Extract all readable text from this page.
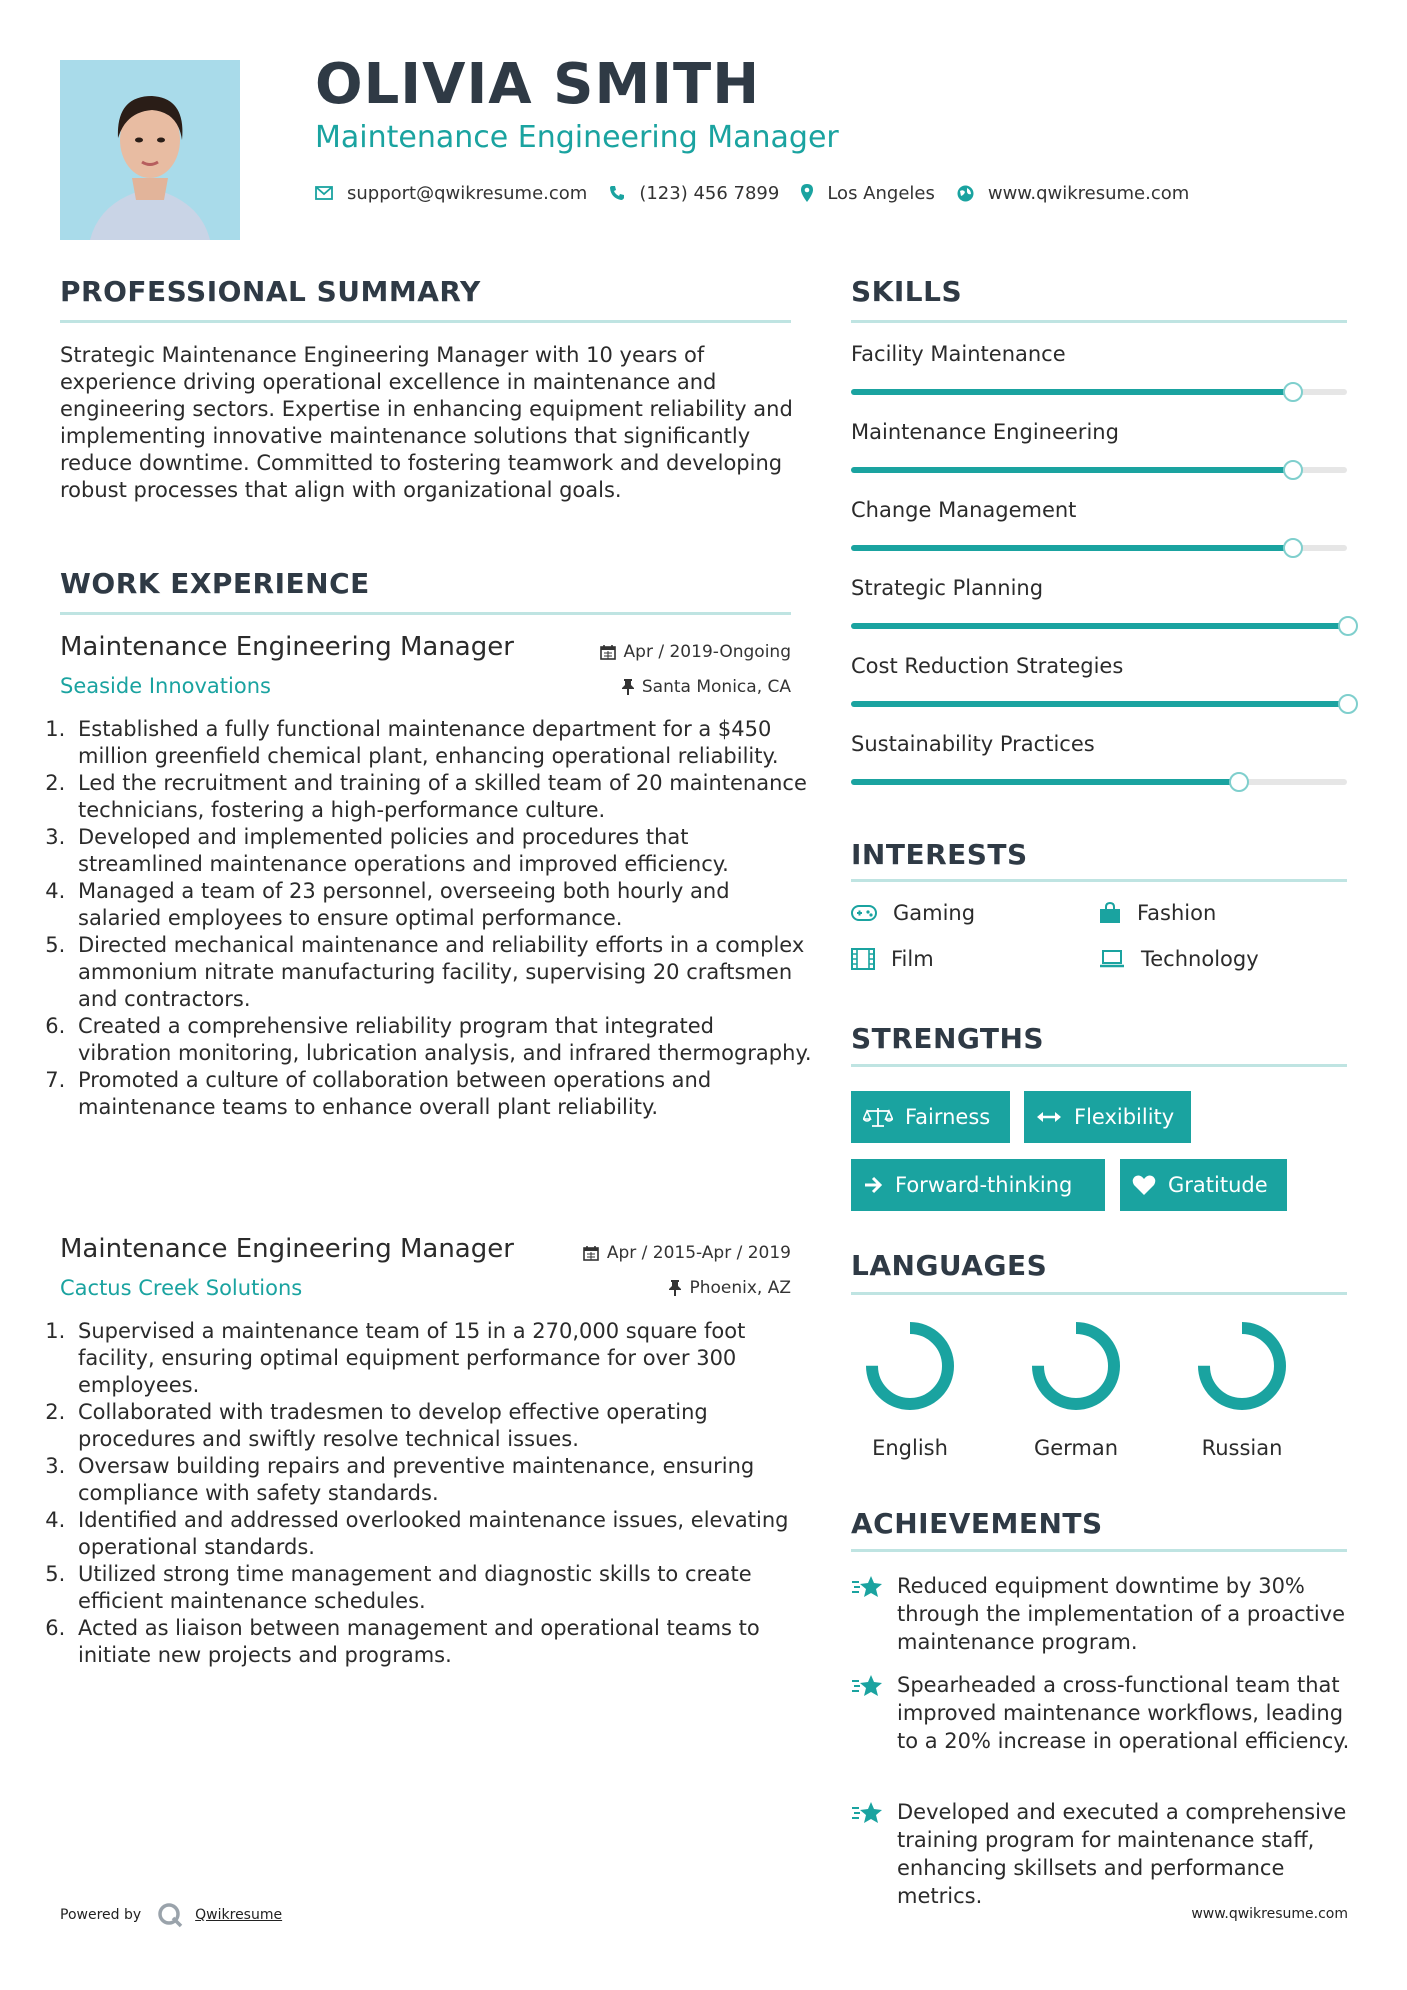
OLIVIA SMITH
Maintenance Engineering Manager
support@qwikresume.com	(123) 456 7899	Los Angeles	www.qwikresume.com
PROFESSIONAL SUMMARY
Strategic Maintenance Engineering Manager with 10 years of experience driving operational excellence in maintenance and engineering sectors. Expertise in enhancing equipment reliability and implementing innovative maintenance solutions that significantly reduce downtime. Committed to fostering teamwork and developing robust processes that align with organizational goals.
WORK EXPERIENCE
Maintenance Engineering Manager	Apr / 2019-Ongoing
Seaside Innovations	Santa Monica, CA
1. Established a fully functional maintenance department for a $450 million greenfield chemical plant, enhancing operational reliability.
2. Led the recruitment and training of a skilled team of 20 maintenance technicians, fostering a high-performance culture.
3. Developed and implemented policies and procedures that streamlined maintenance operations and improved efficiency.
4. Managed a team of 23 personnel, overseeing both hourly and salaried employees to ensure optimal performance.
5. Directed mechanical maintenance and reliability efforts in a complex ammonium nitrate manufacturing facility, supervising 20 craftsmen and contractors.
6. Created a comprehensive reliability program that integrated vibration monitoring, lubrication analysis, and infrared thermography.
7. Promoted a culture of collaboration between operations and maintenance teams to enhance overall plant reliability.
Maintenance Engineering Manager	Apr / 2015-Apr / 2019
Cactus Creek Solutions	Phoenix, AZ
1. Supervised a maintenance team of 15 in a 270,000 square foot facility, ensuring optimal equipment performance for over 300 employees.
2. Collaborated with tradesmen to develop effective operating procedures and swiftly resolve technical issues.
3. Oversaw building repairs and preventive maintenance, ensuring compliance with safety standards.
4. Identified and addressed overlooked maintenance issues, elevating operational standards.
5. Utilized strong time management and diagnostic skills to create efficient maintenance schedules.
6. Acted as liaison between management and operational teams to initiate new projects and programs.
SKILLS
Facility Maintenance
Maintenance Engineering
Change Management
Strategic Planning
Cost Reduction Strategies
Sustainability Practices
INTERESTS
Gaming	Fashion
Film	Technology
STRENGTHS
Fairness	Flexibility
Forward-thinking	Gratitude
LANGUAGES
English	German	Russian
ACHIEVEMENTS
Reduced equipment downtime by 30% through the implementation of a proactive maintenance program.
Spearheaded a cross-functional team that improved maintenance workflows, leading to a 20% increase in operational efficiency.
Developed and executed a comprehensive training program for maintenance staff, enhancing skillsets and performance metrics.
Powered by	Qwikresume	www.qwikresume.com
